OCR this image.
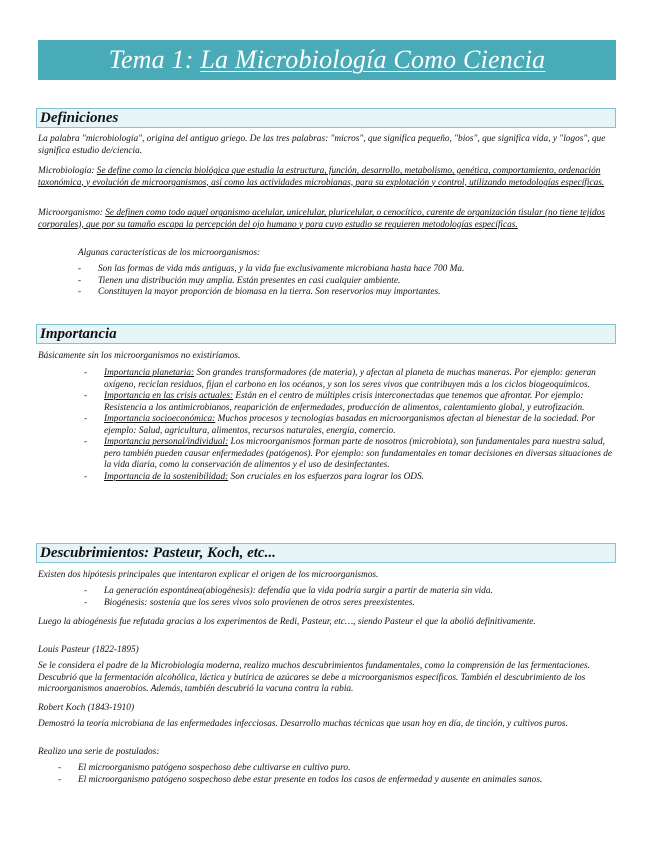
Tema 1: La Microbiología Como Ciencia
Definiciones

La palabra "microbiología", origina del antiguo griego. De las tres palabras: "micros", que significa pequeño, "bios", que significa vida, y "logos", que significa estudio de/ciencia.

Microbiología: Se define como la ciencia biológica que estudia la estructura, función, desarrollo, metabolismo, genética, comportamiento, ordenación taxonómica, y evolución de microorganismos, así como las actividades microbianas, para su explotación y control, utilizando metodologías específicas.

Microorganismo: Se definen como todo aquel organismo acelular, unicelular, pluricelular, o cenocítico, carente de organización tisular (no tiene tejidos corporales), que por su tamaño escapa la percepción del ojo humano y para cuyo estudio se requieren metodologías específicas.

Algunas características de los microorganismos:

- Son las formas de vida más antiguas, y la vida fue exclusivamente microbiana hasta hace 700 Ma.
- Tienen una distribución muy amplia. Están presentes en casi cualquier ambiente.
- Constituyen la mayor proporción de biomasa en la tierra. Son reservorios muy importantes.
Importancia

Básicamente sin los microorganismos no existiríamos.

- Importancia planetaria: Son grandes transformadores (de materia), y afectan al planeta de muchas maneras. Por ejemplo: generan oxígeno, reciclan residuos, fijan el carbono en los océanos, y son los seres vivos que contribuyen más a los ciclos biogeoquímicos.
- Importancia en las crisis actuales: Están en el centro de múltiples crisis interconectadas que tenemos que afrontar. Por ejemplo: Resistencia a los antimicrobianos, reaparición de enfermedades, producción de alimentos, calentamiento global, y eutrofización.
- Importancia socioeconómica: Muchos procesos y tecnologías basadas en microorganismos afectan al bienestar de la sociedad. Por ejemplo: Salud, agricultura, alimentos, recursos naturales, energía, comercio.
- Importancia personal/individual: Los microorganismos forman parte de nosotros (microbiota), son fundamentales para nuestra salud, pero también pueden causar enfermedades (patógenos). Por ejemplo: son fundamentales en tomar decisiones en diversas situaciones de la vida diaria, como la conservación de alimentos y el uso de desinfectantes.
- Importancia de la sostenibilidad: Son cruciales en los esfuerzos para lograr los ODS.
Descubrimientos: Pasteur, Koch, etc...

Existen dos hipótesis principales que intentaron explicar el origen de los microorganismos.

- La generación espontánea(abiogénesis): defendía que la vida podría surgir a partir de materia sin vida.
- Biogénesis: sostenía que los seres vivos solo provienen de otros seres preexistentes.

Luego la abiogénesis fue refutada gracias a los experimentos de Redi, Pasteur, etc…, siendo Pasteur el que la abolió definitivamente.

Louis Pasteur (1822-1895)

Se le considera el padre de la Microbiología moderna, realizo muchos descubrimientos fundamentales, como la comprensión de las fermentaciones. Descubrió que la fermentación alcohólica, láctica y butírica de azúcares se debe a microorganismos específicos. También el descubrimiento de los microorganismos anaerobios. Además, también descubrió la vacuna contra la rabia.

Robert Koch (1843-1910)

Demostró la teoría microbiana de las enfermedades infecciosas. Desarrollo muchas técnicas que usan hoy en día, de tinción, y cultivos puros.

Realizo una serie de postulados:

- El microorganismo patógeno sospechoso debe cultivarse en cultivo puro.
- El microorganismo patógeno sospechoso debe estar presente en todos los casos de enfermedad y ausente en animales sanos.
